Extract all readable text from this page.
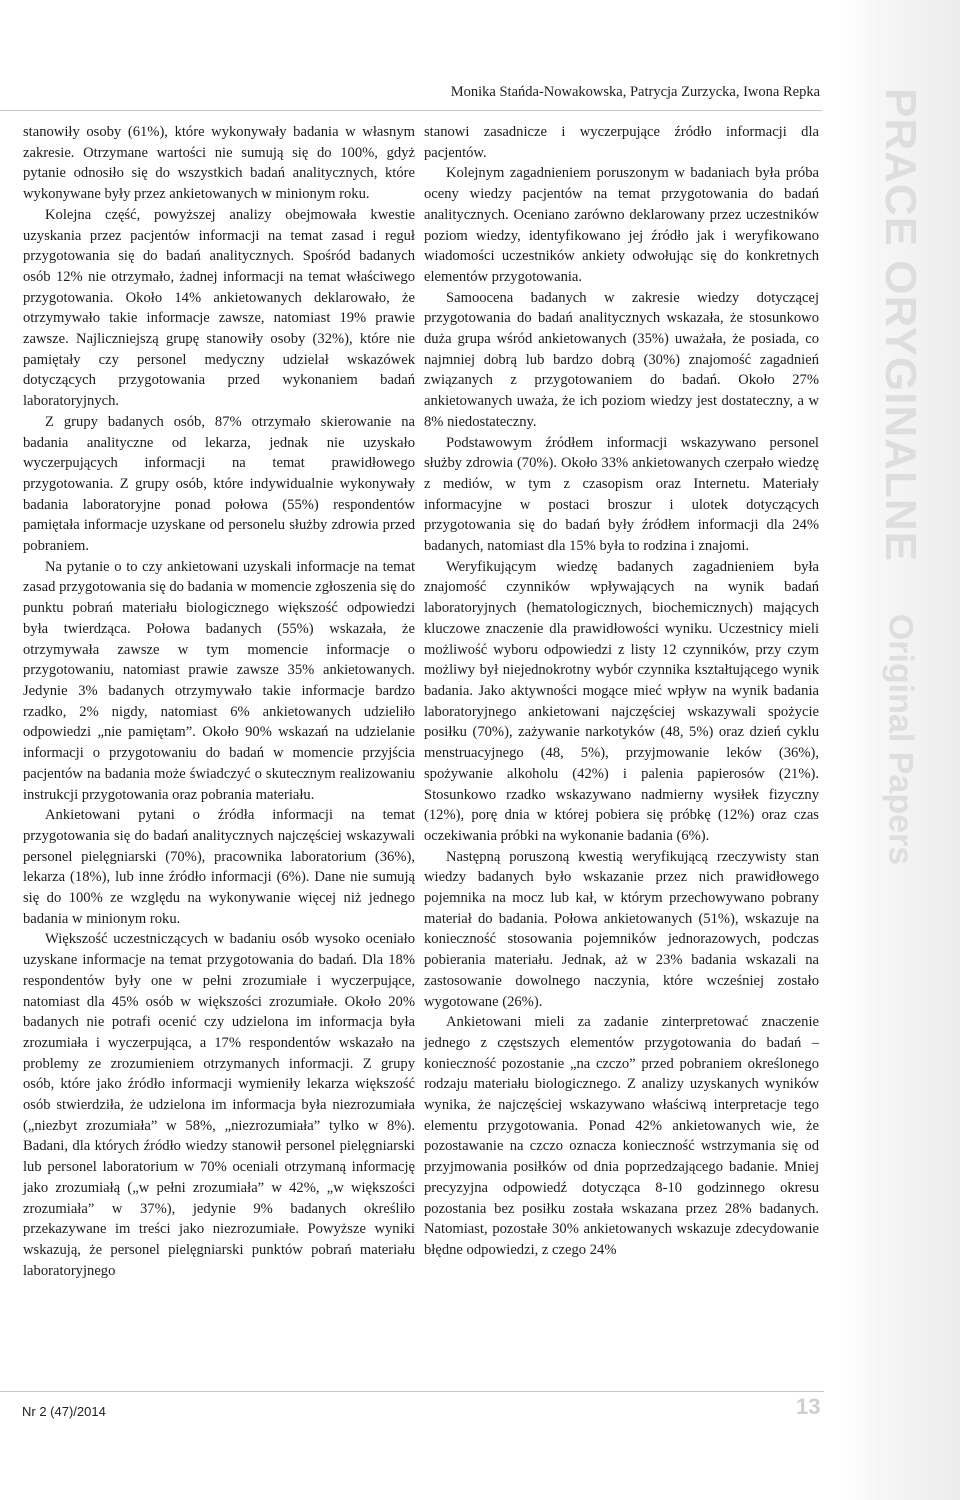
Monika Stańda-Nowakowska, Patrycja Zurzycka, Iwona Repka

stanowiły osoby (61%), które wykonywały badania w własnym zakresie. Otrzymane wartości nie sumują się do 100%, gdyż pytanie odnosiło się do wszystkich badań analitycznych, które wykonywane były przez ankietowanych w minionym roku.

Kolejna część, powyższej analizy obejmowała kwestie uzyskania przez pacjentów informacji na temat zasad i reguł przygotowania się do badań analitycznych. Spośród badanych osób 12% nie otrzymało, żadnej informacji na temat właściwego przygotowania. Około 14% ankietowanych deklarowało, że otrzymywało takie informacje zawsze, natomiast 19% prawie zawsze. Najliczniejszą grupę stanowiły osoby (32%), które nie pamiętały czy personel medyczny udzielał wskazówek dotyczących przygotowania przed wykonaniem badań laboratoryjnych.

Z grupy badanych osób, 87% otrzymało skierowanie na badania analityczne od lekarza, jednak nie uzyskało wyczerpujących informacji na temat prawidłowego przygotowania. Z grupy osób, które indywidualnie wykonywały badania laboratoryjne ponad połowa (55%) respondentów pamiętała informacje uzyskane od personelu służby zdrowia przed pobraniem.

Na pytanie o to czy ankietowani uzyskali informacje na temat zasad przygotowania się do badania w momencie zgłoszenia się do punktu pobrań materiału biologicznego większość odpowiedzi była twierdząca. Połowa badanych (55%) wskazała, że otrzymywała zawsze w tym momencie informacje o przygotowaniu, natomiast prawie zawsze 35% ankietowanych. Jedynie 3% badanych otrzymywało takie informacje bardzo rzadko, 2% nigdy, natomiast 6% ankietowanych udzieliło odpowiedzi „nie pamiętam”. Około 90% wskazań na udzielanie informacji o przygotowaniu do badań w momencie przyjścia pacjentów na badania może świadczyć o skutecznym realizowaniu instrukcji przygotowania oraz pobrania materiału.

Ankietowani pytani o źródła informacji na temat przygotowania się do badań analitycznych najczęściej wskazywali personel pielęgniarski (70%), pracownika laboratorium (36%), lekarza (18%), lub inne źródło informacji (6%). Dane nie sumują się do 100% ze względu na wykonywanie więcej niż jednego badania w minionym roku.

Większość uczestniczących w badaniu osób wysoko oceniało uzyskane informacje na temat przygotowania do badań. Dla 18% respondentów były one w pełni zrozumiałe i wyczerpujące, natomiast dla 45% osób w większości zrozumiałe. Około 20% badanych nie potrafi ocenić czy udzielona im informacja była zrozumiała i wyczerpująca, a 17% respondentów wskazało na problemy ze zrozumieniem otrzymanych informacji. Z grupy osób, które jako źródło informacji wymieniły lekarza większość osób stwierdziła, że udzielona im informacja była niezrozumiała („niezbyt zrozumiała” w 58%, „niezrozumiała” tylko w 8%). Badani, dla których źródło wiedzy stanowił personel pielęgniarski lub personel laboratorium w 70% oceniali otrzymaną informację jako zrozumiałą („w pełni zrozumiała” w 42%, „w większości zrozumiała” w 37%), jedynie 9% badanych określiło przekazywane im treści jako niezrozumiałe. Powyższe wyniki wskazują, że personel pielęgniarski punktów pobrań materiału laboratoryjnego

stanowi zasadnicze i wyczerpujące źródło informacji dla pacjentów.

Kolejnym zagadnieniem poruszonym w badaniach była próba oceny wiedzy pacjentów na temat przygotowania do badań analitycznych. Oceniano zarówno deklarowany przez uczestników poziom wiedzy, identyfikowano jej źródło jak i weryfikowano wiadomości uczestników ankiety odwołując się do konkretnych elementów przygotowania.

Samoocena badanych w zakresie wiedzy dotyczącej przygotowania do badań analitycznych wskazała, że stosunkowo duża grupa wśród ankietowanych (35%) uważała, że posiada, co najmniej dobrą lub bardzo dobrą (30%) znajomość zagadnień związanych z przygotowaniem do badań. Około 27% ankietowanych uważa, że ich poziom wiedzy jest dostateczny, a w 8% niedostateczny.

Podstawowym źródłem informacji wskazywano personel służby zdrowia (70%). Około 33% ankietowanych czerpało wiedzę z mediów, w tym z czasopism oraz Internetu. Materiały informacyjne w postaci broszur i ulotek dotyczących przygotowania się do badań były źródłem informacji dla 24% badanych, natomiast dla 15% była to rodzina i znajomi.

Weryfikującym wiedzę badanych zagadnieniem była znajomość czynników wpływających na wynik badań laboratoryjnych (hematologicznych, biochemicznych) mających kluczowe znaczenie dla prawidłowości wyniku. Uczestnicy mieli możliwość wyboru odpowiedzi z listy 12 czynników, przy czym możliwy był niejednokrotny wybór czynnika kształtującego wynik badania. Jako aktywności mogące mieć wpływ na wynik badania laboratoryjnego ankietowani najczęściej wskazywali spożycie posiłku (70%), zażywanie narkotyków (48, 5%) oraz dzień cyklu menstruacyjnego (48, 5%), przyjmowanie leków (36%), spożywanie alkoholu (42%) i palenia papierosów (21%). Stosunkowo rzadko wskazywano nadmierny wysiłek fizyczny (12%), porę dnia w której pobiera się próbkę (12%) oraz czas oczekiwania próbki na wykonanie badania (6%).

Następną poruszoną kwestią weryfikującą rzeczywisty stan wiedzy badanych było wskazanie przez nich prawidłowego pojemnika na mocz lub kał, w którym przechowywano pobrany materiał do badania. Połowa ankietowanych (51%), wskazuje na konieczność stosowania pojemników jednorazowych, podczas pobierania materiału. Jednak, aż w 23% badania wskazali na zastosowanie dowolnego naczynia, które wcześniej zostało wygotowane (26%).

Ankietowani mieli za zadanie zinterpretować znaczenie jednego z częstszych elementów przygotowania do badań – konieczność pozostanie „na czczo” przed pobraniem określonego rodzaju materiału biologicznego. Z analizy uzyskanych wyników wynika, że najczęściej wskazywano właściwą interpretacje tego elementu przygotowania. Ponad 42% ankietowanych wie, że pozostawanie na czczo oznacza konieczność wstrzymania się od przyjmowania posiłków od dnia poprzedzającego badanie. Mniej precyzyjna odpowiedź dotycząca 8-10 godzinnego okresu pozostania bez posiłku została wskazana przez 28% badanych. Natomiast, pozostałe 30% ankietowanych wskazuje zdecydowanie błędne odpowiedzi, z czego 24%

PRACE ORYGINALNE
Original Papers
Nr 2 (47)/2014	13
